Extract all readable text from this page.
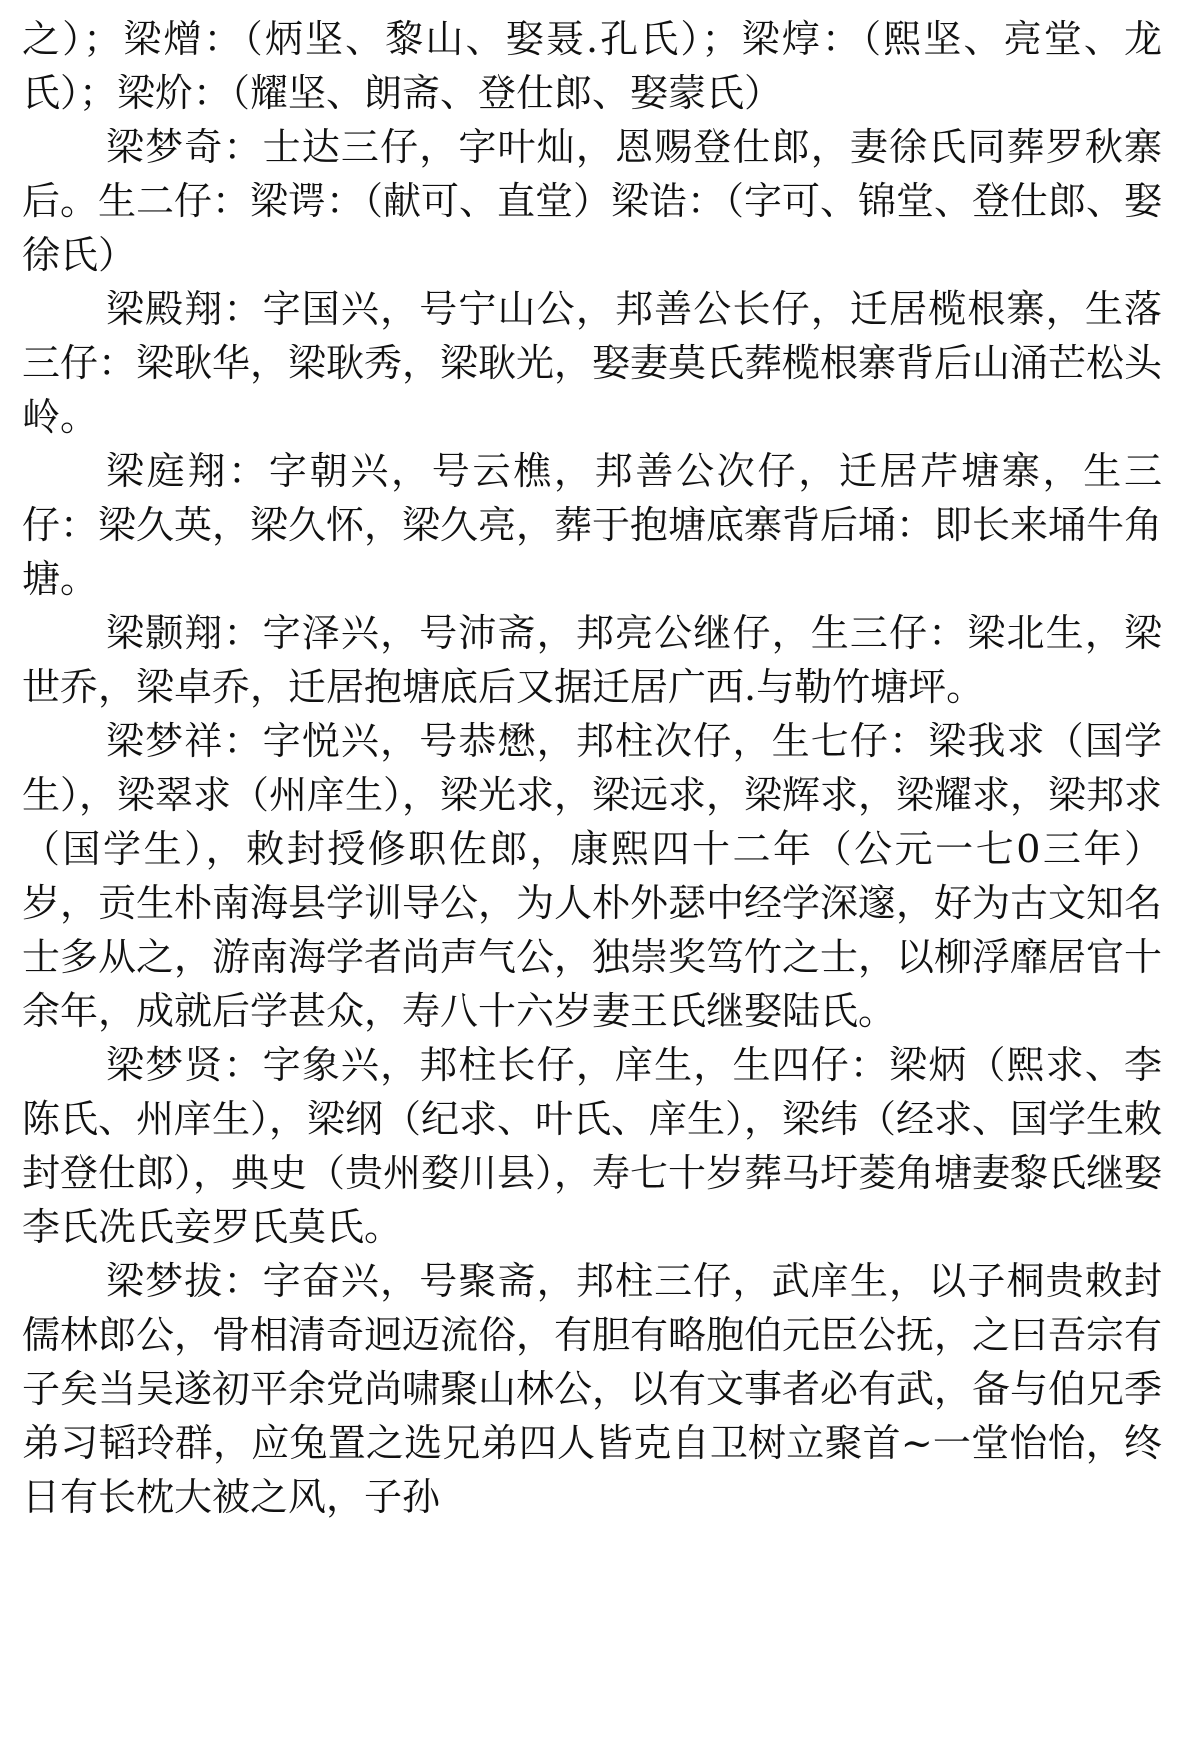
之）；梁熷：（炳坚、黎山、娶聂.孔氏）；梁焞：（熙坚、亮堂、龙氏）；梁炌：（耀坚、朗斋、登仕郎、娶蒙氏）

梁梦奇：士达三仔，字叶灿，恩赐登仕郎，妻徐氏同葬罗秋寨后。生二仔：梁谔：（献可、直堂）梁诰：（字可、锦堂、登仕郎、娶徐氏）

梁殿翔：字国兴，号宁山公，邦善公长仔，迁居榄根寨，生落三仔：梁耿华，梁耿秀，梁耿光，娶妻莫氏葬榄根寨背后山涌芒松头岭。

梁庭翔：字朝兴，号云樵，邦善公次仔，迁居芹塘寨，生三仔：梁久英，梁久怀，梁久亮，葬于抱塘底寨背后埇：即长来埇牛角塘。

梁颢翔：字泽兴，号沛斋，邦亮公继仔，生三仔：梁北生，梁世乔，梁卓乔，迁居抱塘底后又据迁居广西.与勒竹塘坪。

梁梦祥：字悦兴，号恭懋，邦柱次仔，生七仔：梁我求（国学生），梁翠求（州庠生），梁光求，梁远求，梁辉求，梁耀求，梁邦求（国学生），敕封授修职佐郎，康熙四十二年（公元一七0三年）岁，贡生朴南海县学训导公，为人朴外瑟中经学深邃，好为古文知名士多从之，游南海学者尚声气公，独崇奖笃竹之士，以柳浮靡居官十余年，成就后学甚众，寿八十六岁妻王氏继娶陆氏。

梁梦贤：字象兴，邦柱长仔，庠生，生四仔：梁炳（熙求、李陈氏、州庠生），梁纲（纪求、叶氏、庠生），梁纬（经求、国学生敕封登仕郎），典史（贵州婺川县），寿七十岁葬马圩菱角塘妻黎氏继娶李氏冼氏妾罗氏莫氏。

梁梦拔：字奋兴，号聚斋，邦柱三仔，武庠生，以子桐贵敕封儒林郎公，骨相清奇迥迈流俗，有胆有略胞伯元臣公抚，之曰吾宗有子矣当吴遂初平余党尚啸聚山林公，以有文事者必有武，备与伯兄季弟习韬玲群，应兔置之选兄弟四人皆克自卫树立聚首~一堂怡怡，终日有长枕大被之风，子孙
